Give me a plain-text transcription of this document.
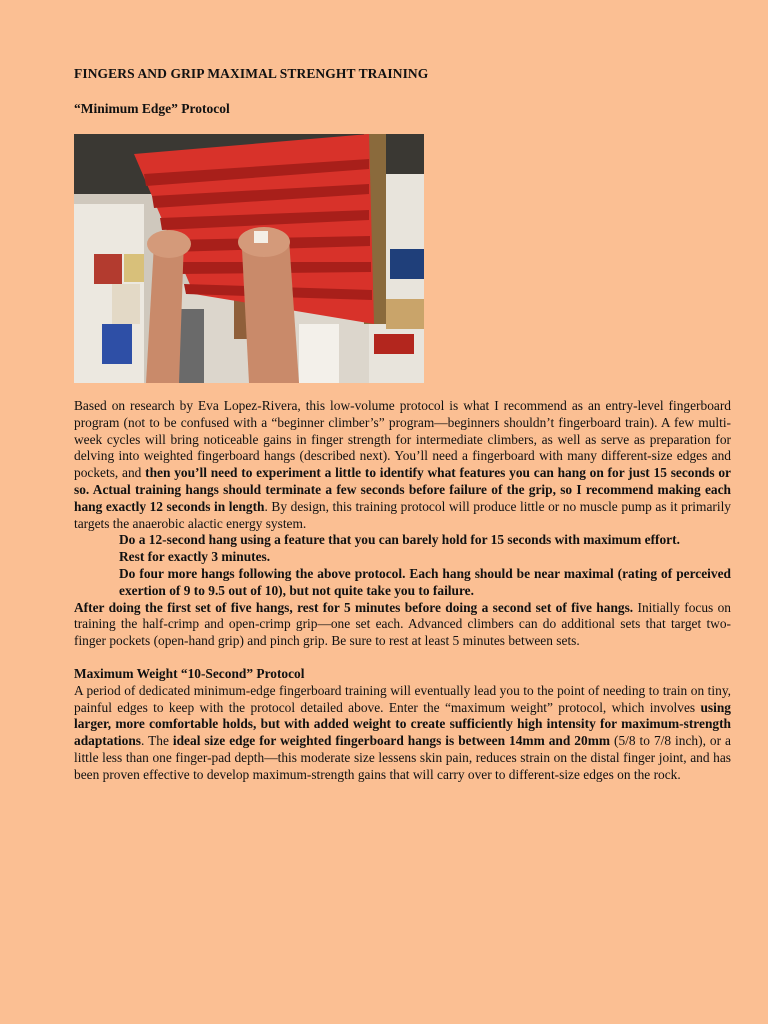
FINGERS AND GRIP MAXIMAL STRENGHT TRAINING
“Minimum Edge” Protocol

Based on research by Eva Lopez-Rivera, this low-volume protocol is what I recommend as an entry-level fingerboard program (not to be confused with a “beginner climber’s” program—beginners shouldn’t fingerboard train). A few multi-week cycles will bring noticeable gains in finger strength for intermediate climbers, as well as serve as preparation for delving into weighted fingerboard hangs (described next). You’ll need a fingerboard with many different-size edges and pockets, and then you’ll need to experiment a little to identify what features you can hang on for just 15 seconds or so. Actual training hangs should terminate a few seconds before failure of the grip, so I recommend making each hang exactly 12 seconds in length. By design, this training protocol will produce little or no muscle pump as it primarily targets the anaerobic alactic energy system.

Do a 12-second hang using a feature that you can barely hold for 15 seconds with maximum effort.

Rest for exactly 3 minutes.

Do four more hangs following the above protocol. Each hang should be near maximal (rating of perceived exertion of 9 to 9.5 out of 10), but not quite take you to failure.

After doing the first set of five hangs, rest for 5 minutes before doing a second set of five hangs. Initially focus on training the half-crimp and open-crimp grip—one set each. Advanced climbers can do additional sets that target two-finger pockets (open-hand grip) and pinch grip. Be sure to rest at least 5 minutes between sets.

Maximum Weight “10-Second” Protocol

A period of dedicated minimum-edge fingerboard training will eventually lead you to the point of needing to train on tiny, painful edges to keep with the protocol detailed above. Enter the “maximum weight” protocol, which involves using larger, more comfortable holds, but with added weight to create sufficiently high intensity for maximum-strength adaptations. The ideal size edge for weighted fingerboard hangs is between 14mm and 20mm (5/8 to 7/8 inch), or a little less than one finger-pad depth—this moderate size lessens skin pain, reduces strain on the distal finger joint, and has been proven effective to develop maximum-strength gains that will carry over to different-size edges on the rock.
